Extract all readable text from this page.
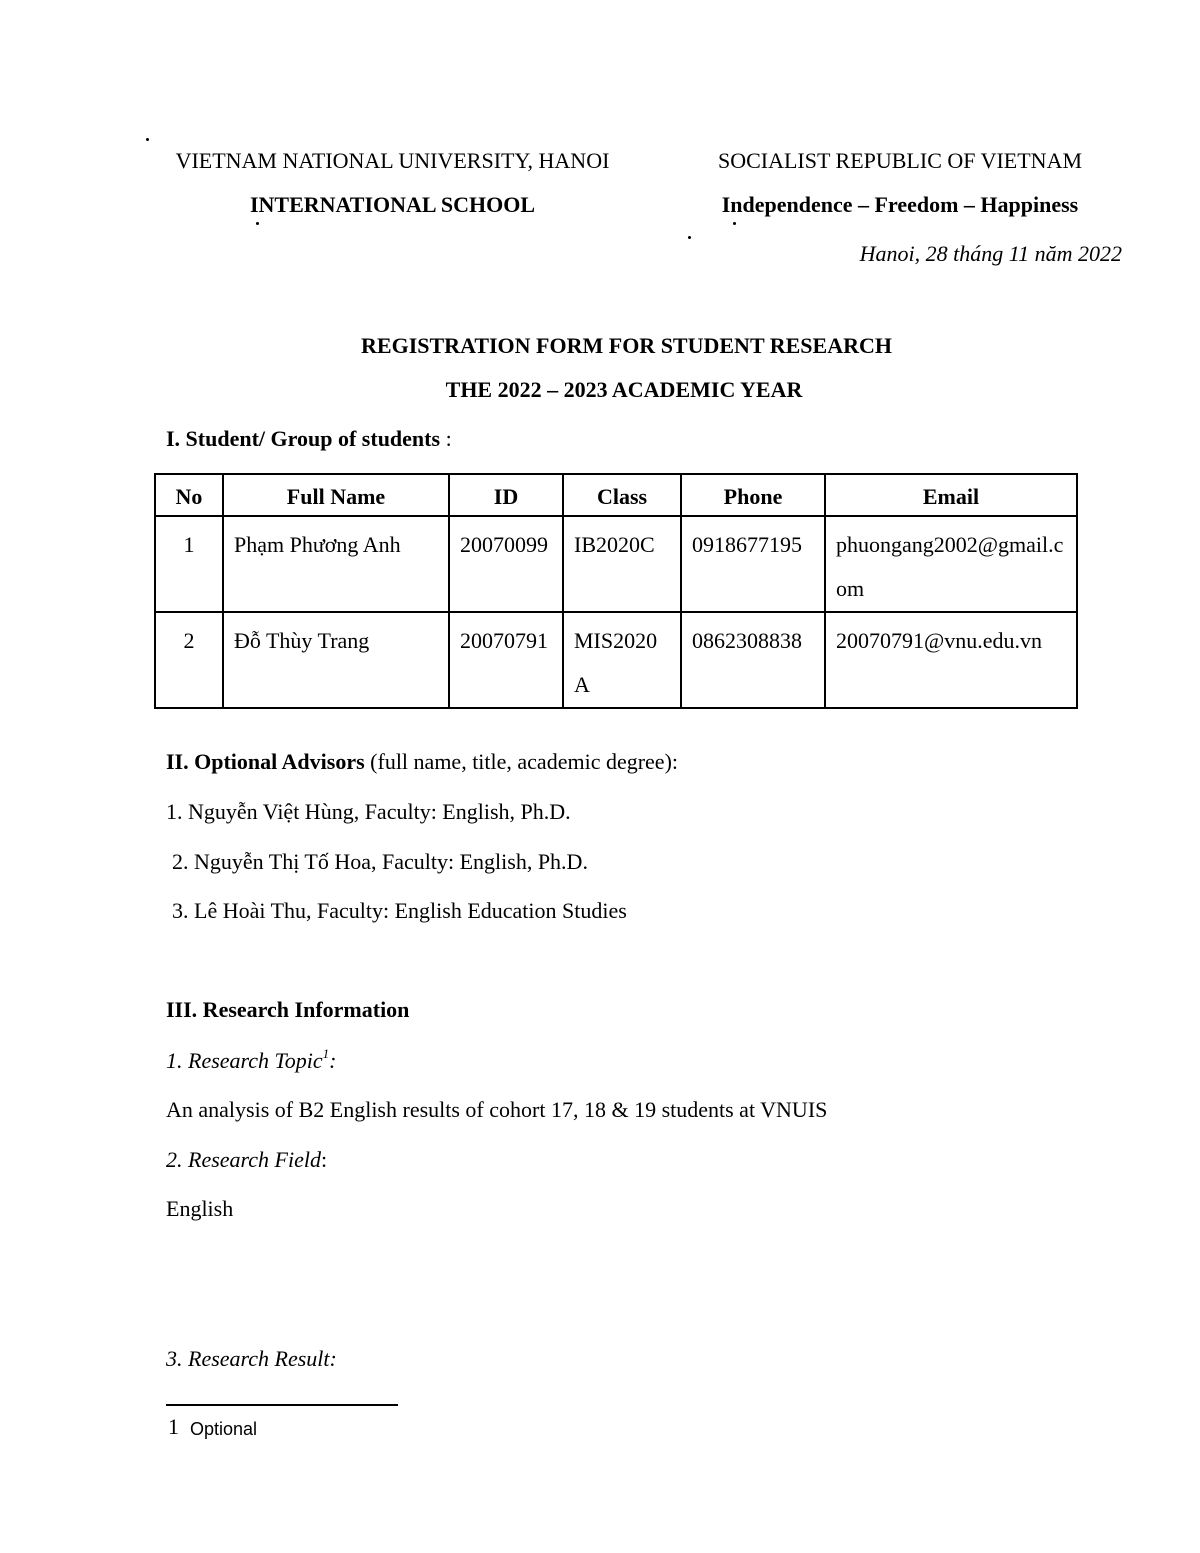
VIETNAM NATIONAL UNIVERSITY, HANOI
INTERNATIONAL SCHOOL
SOCIALIST REPUBLIC OF VIETNAM
Independence – Freedom – Happiness
Hanoi, 28 tháng 11 năm 2022
REGISTRATION FORM FOR STUDENT RESEARCH
THE 2022 – 2023 ACADEMIC YEAR
I. Student/ Group of students :
No	Full Name	ID	Class	Phone	Email
1	Phạm Phương Anh	20070099	IB2020C	0918677195	phuongang2002@gmail.com
2	Đỗ Thùy Trang	20070791	MIS2020A	0862308838	20070791@vnu.edu.vn
II. Optional Advisors (full name, title, academic degree):
1. Nguyễn Việt Hùng, Faculty: English, Ph.D.
2. Nguyễn Thị Tố Hoa, Faculty: English, Ph.D.
3. Lê Hoài Thu, Faculty: English Education Studies
III. Research Information
1. Research Topic$^1$:
An analysis of B2 English results of cohort 17, 18 & 19 students at VNUIS
2. Research Field:
English
3. Research Result:
1 Optional
